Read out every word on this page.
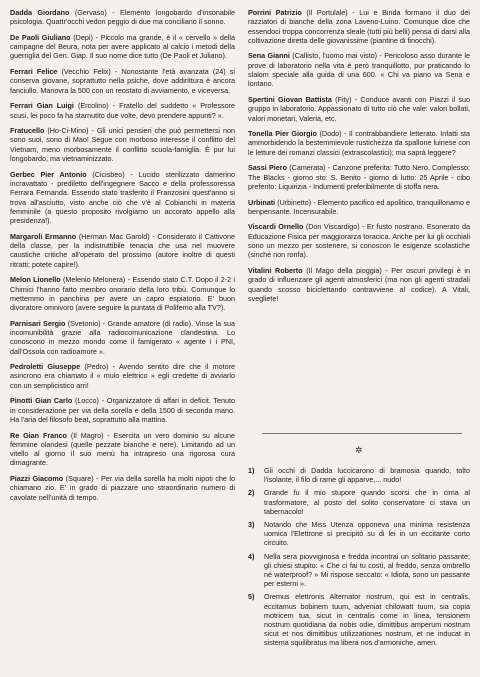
Dadda Giordano (Gervaso) - Elemento longobardo d'insonabile psicologia. Quattr'occhi vedon peggio di due ma conciliano il sonno.

De Paoli Giuliano (Depi) - Piccolo ma grande, è il « cervello » della campagne del Beura, nota per avere applicato al calcio i metodi della guerriglia del Gen. Giap. Il suo nome dice tutto (De Paoli et Juliano).

Ferrari Felice (Vecchio Felix) - Nonostante l'età avanzata (24) si conserva giovane, soprattutto nella psiche, dove addirittura è ancora fanciullo. Manovra la 500 con un reostato di avviamento, e viceversa.

Ferrari Gian Luigi (Ercolino) - Fratello del suddetto « Professore scusi, lei poco fa ha starnutito due volte, devo prendere appunti? ».

Fratucello (Ho-Ci-Mino) - Gli unici pensieri che può permettersi non sono suoi, sono di Mao! Segue con morboso interesse il conflitto del Vietnam, meno morbosamente il conflitto scuola-famiglia. È pur lui longobardo, ma vietnaminizzato.

Gerbec Pier Antonio (Cicisbeo) - Lucido sterilizzato damerino incravattato - prediletto dell'ingegnere Sacco e della professoressa Ferrara Fernanda. Essendo stato trasferito il Franzosini quest'anno si trova all'asciutto, visto anche ciò che v'è al Cobianchi in materia femminile (a questo proposito rivolgiamo un accorato appello alla presidenza!).

Margaroli Ermanno (Herman Mac Garold) - Considerato il Cattivone della classe, per la indistruttibile tenacia che usa nel muovere caustiche critiche all'operato del prossimo (autore inoltre di questi ritratti; potete capire!).

Melon Lionello (Melenio Melonera) - Essendo stato C.T. Dopo il 2-2 i Chimici l'hanno fatto membro onorario della loro tribù. Comunque lo mettemmo in panchina per avere un capro espiatorio. E' buon divoratore omnivoro (avere seguire la puntata di Polifemo alla TV?).

Parnisari Sergio (Svetonio) - Grande amatore (di radio). Vinse la sua incomunibilità grazie alla radiocomunicazione clandestina. Lo conoscono in mezzo mondo come il famigerato « agente i i PNI, dall'Ossola con radioamore ».

Pedroletti Giuseppe (Pedro) - Avendo sentito dire che il motore asincrono era chiamato il « mulo elettrico » egli credette di avviarlo con un semplicistico arri!

Pinotti Gian Carlo (Locco) - Organizzatore di affari in deficit. Tenuto in considerazione per via della sorella e della 1500 di seconda mano. Ha l'aria del filosofo beat, soprattutto alla mattina.

Re Gian Franco (Il Magro) - Esercita un vero dominio su alcune femmine olandesi (quelle pezzate bianche e nere). Limitando ad un vitello al giorno il suo menù ha intrapreso una rigorosa cura dimagrante.

Piazzi Giacomo (Square) - Per via della sorella ha molti nipoti che lo chiamano zio. E' in grado di piazzare uno straordinario numero di cavolate nell'unità di tempo.

Porrini Patrizio (Il Portulale) - Lui e Binda formano il duo dei razziatori di bianche della zona Laveno-Luino. Comunque dice che essendoci troppa concorrenza sleale (tutti più belli) pensa di darsi alla coltivazione diretta delle giovanissime (piantine di finocchi).

Sena Gianni (Callisto, l'uomo mai visto) - Pericoloso asso durante le prove di laboratorio nella vita è però tranquillotto, pur praticando lo slalom speciale alla guida di una 600. « Chi va piano va Sena e lontano.

Spertini Giovan Battista (Fity) - Conduce avanti con Piazzi il suo gruppo in laboratorio. Appassionato di tutto ciò che vale: valori bollati, valori monetari, Valeria, etc.

Tonella Pier Giorgio (Dodo) - Il contrabbandiere letterato. Infatti sta ammorbidendo la bestemmievole rusticheżza da spallone luinese con le letture dei romanzi classici (extrascolastici); ma saprà leggere?

Sassi Piero (Camerata) - Canzone preferita: Tutto Nero. Complesso: The Blacks - giorno sto: S. Benito - giorno di lutto: 25 Aprile - cibo preferito: Liquirizia - Indumenti preferibilmente di stoffa nera.

Urbinati (Urbinetto) - Elemento pacifico ed apolitico, tranquillonamo e benpensante. Incensurabile.

Viscardi Ornello (Don Viscardigo) - Er fusto nostrano. Esonerato da Educazione Fisica per maggiorarza toracica. Anche per lui gli occhiali sono un mezzo per sostenere, si conoscon le esigenze scolastiche (sinché non ronfa).

Vitalini Roberto (Il Mago della pioggia) - Per oscuri privilegi è in grado di influenzare gli agenti atmosferici (ma non gli agenti stradali quando scosso biciclettando contravviene al codice). A Vitali, svegliete!

✲
1)	Gli occhi di Dadda luccicarono di bramosia quando, tolto l'isolante, il filo di rame gli apparve,... nudo!
2)	Grande fu il mio stupore quando scorsi che in cima al trasformatore, al posto del solito conservatore ci stava un tabernacolo!
3)	Notando che Miss Utenza opponeva una minima resistenza uomica l'Elettrone si precipitò su di lei in un eccitante corto circuito.
4)	Nella sera piovviginosa e fredda incontrai un solitario passante; gli chiesi stupito: « Che ci fai tu costì, al freddo, senza ombrello né waterproof? » Mi rispose seccato: « Idiota, sono un passante per esterni ».
5)	Oremus elettronis Alternator nostrum, qui est in centralis, eccitamus bobinem tuum, adveniat chilowatt tuum, sia copia motricem tua, sicut in centralis come in linea, tensionem nostrum quotidiana da nobis odie, dimittibus amperum nostrum sicut et nos dimittibus utilizzationes nostrum, et ne inducat in sistema squilibratus ma libera nos d'armoniche, amen.
